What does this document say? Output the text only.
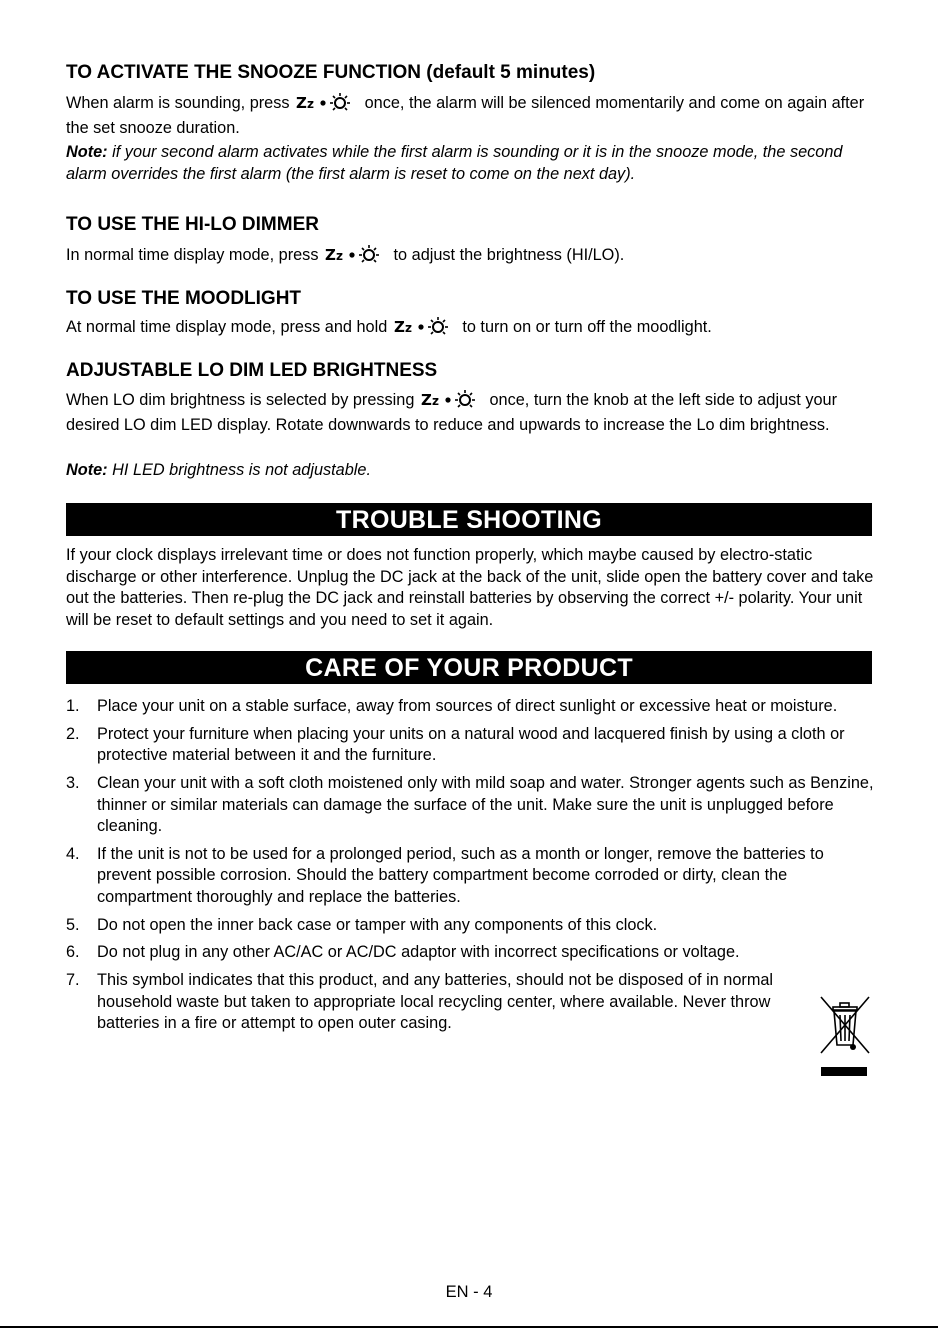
TO ACTIVATE THE SNOOZE FUNCTION (default 5 minutes)
When alarm is sounding, press Z z	once, the alarm will be silenced momentarily and come on again after the set snooze duration.
Note: if your second alarm activates while the first alarm is sounding or it is in the snooze mode, the second alarm overrides the first alarm (the first alarm is reset to come on the next day).
TO USE THE HI-LO DIMMER
In normal time display mode, press Z z	to adjust the brightness (HI/LO).
TO USE THE MOODLIGHT
At normal time display mode, press and hold Z z	to turn on or turn off the moodlight.
ADJUSTABLE LO DIM LED BRIGHTNESS
When LO dim brightness is selected by pressing Z z	once, turn the knob at the left side to adjust your desired LO dim LED display. Rotate downwards to reduce and upwards to increase the Lo dim brightness.
Note: HI LED brightness is not adjustable.
TROUBLE SHOOTING
If your clock displays irrelevant time or does not function properly, which maybe caused by electro-static discharge or other interference. Unplug the DC jack at the back of the unit, slide open the battery cover and take out the batteries. Then re-plug the DC jack and reinstall batteries by observing the correct +/- polarity. Your unit will be reset to default settings and you need to set it again.
CARE OF YOUR PRODUCT
1. Place your unit on a stable surface, away from sources of direct sunlight or excessive heat or moisture.
2. Protect your furniture when placing your units on a natural wood and lacquered finish by using a cloth or protective material between it and the furniture.
3. Clean your unit with a soft cloth moistened only with mild soap and water. Stronger agents such as Benzine, thinner or similar materials can damage the surface of the unit. Make sure the unit is unplugged before cleaning.
4. If the unit is not to be used for a prolonged period, such as a month or longer, remove the batteries to prevent possible corrosion. Should the battery compartment become corroded or dirty, clean the compartment thoroughly and replace the batteries.
5. Do not open the inner back case or tamper with any components of this clock.
6. Do not plug in any other AC/AC or AC/DC adaptor with incorrect specifications or voltage.
7. This symbol indicates that this product, and any batteries, should not be disposed of in normal household waste but taken to appropriate local recycling center, where available. Never throw batteries in a fire or attempt to open outer casing.
EN - 4
